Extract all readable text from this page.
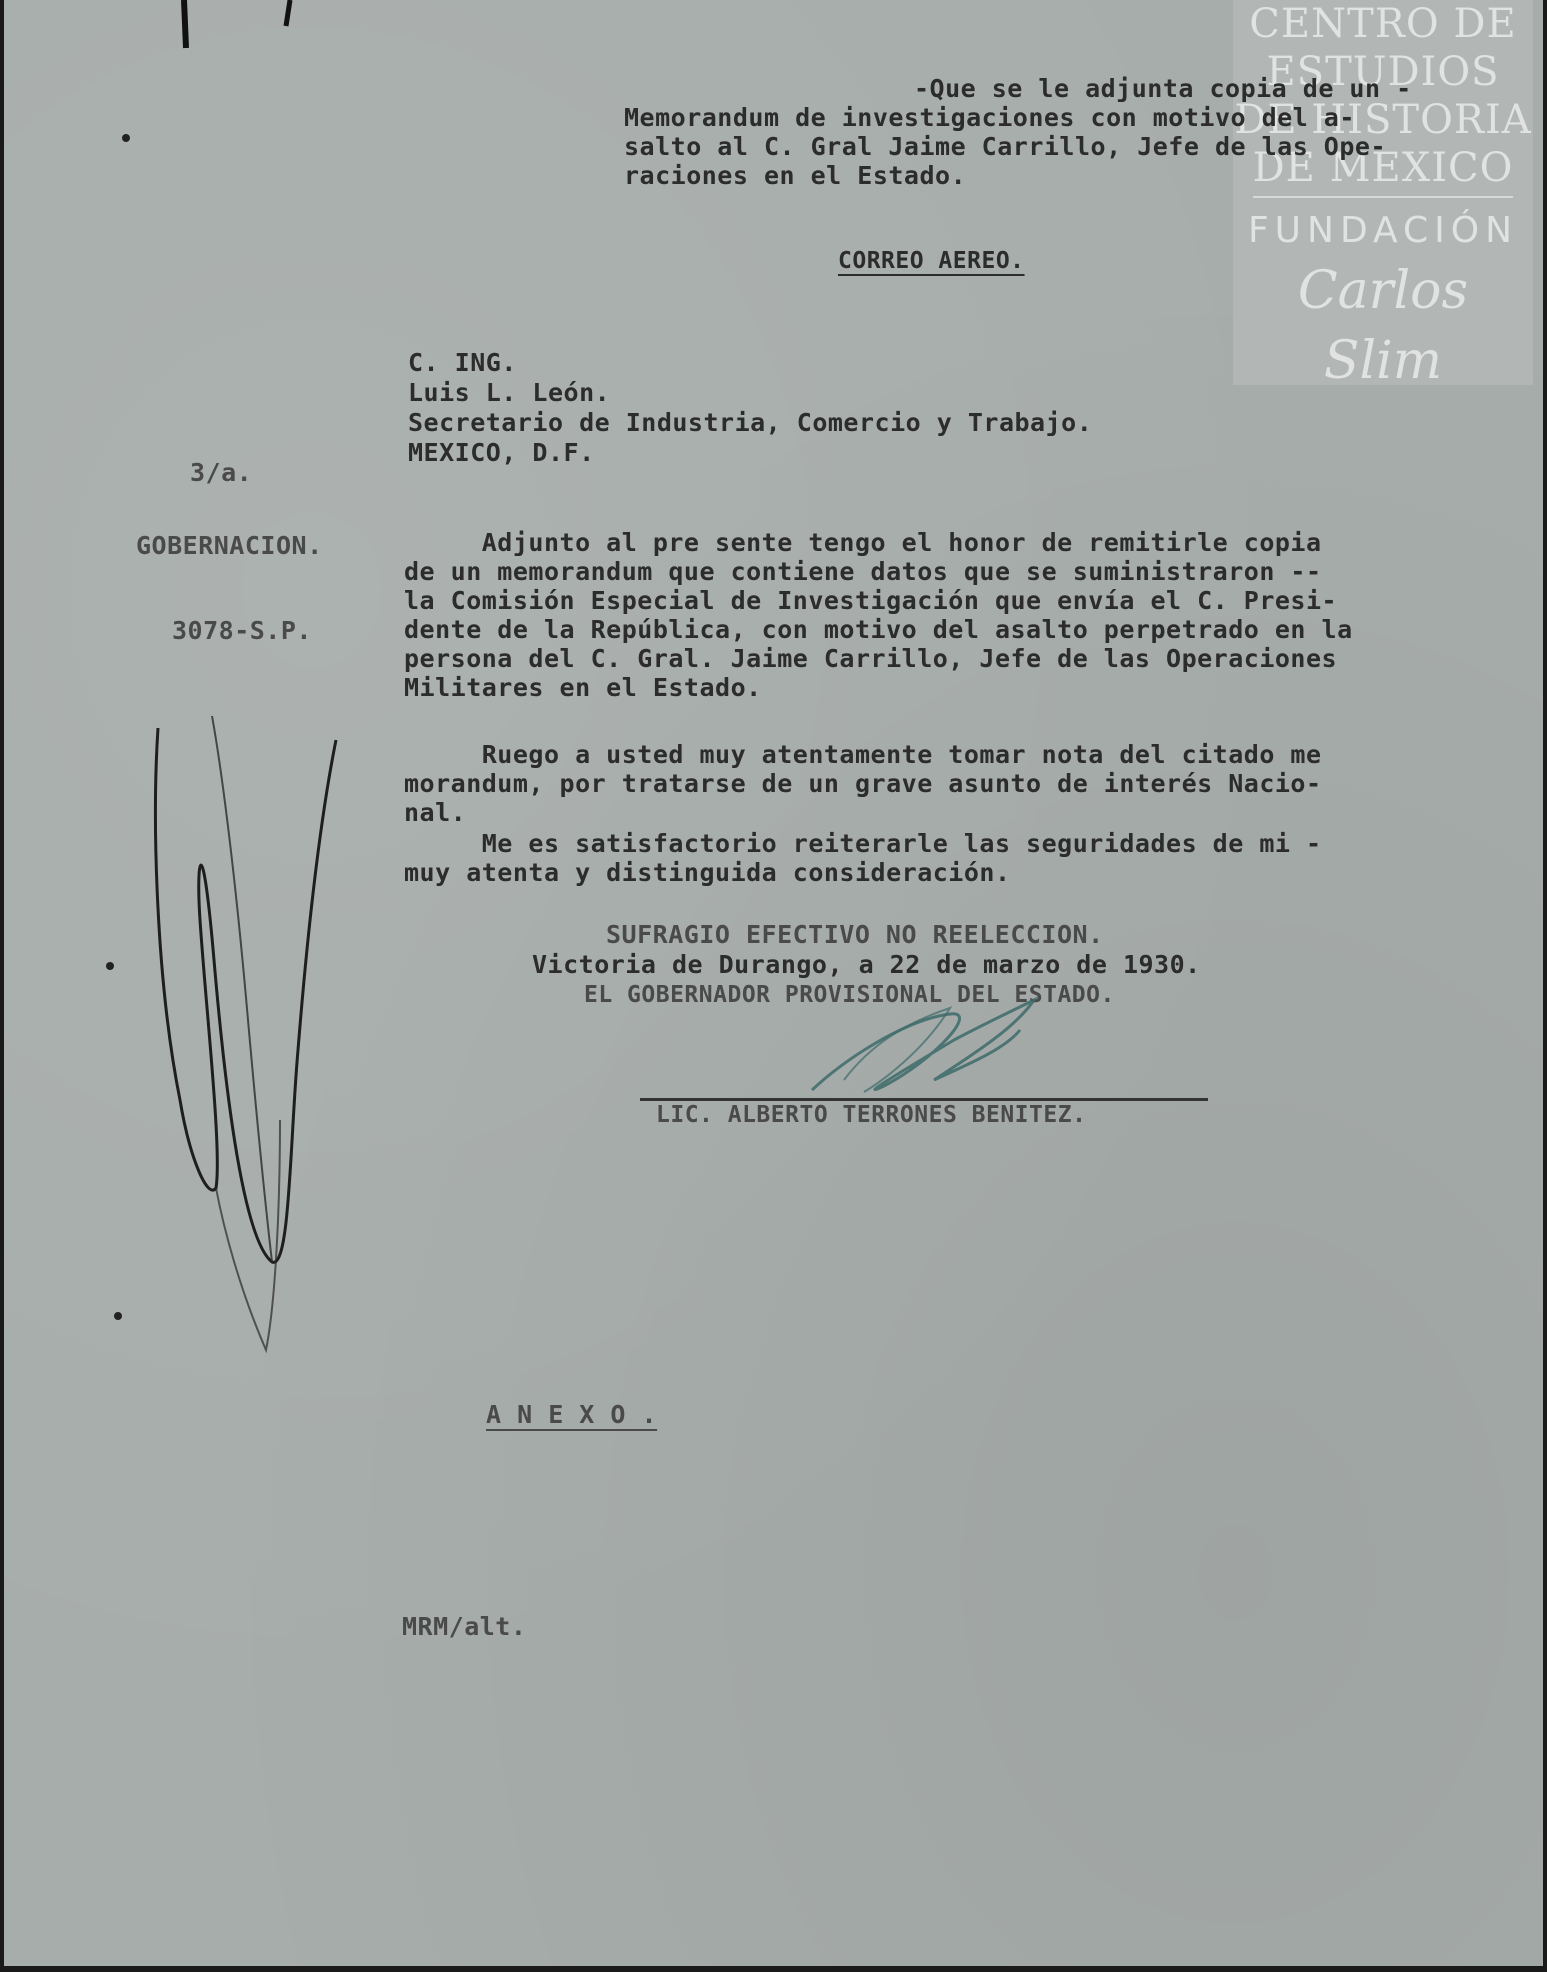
CENTRO DE
ESTUDIOS
DE HISTORIA
DE MEXICO
FUNDACIÓN
Carlos Slim
-Que se le adjunta copia de un -
Memorandum de investigaciones con motivo del a-
salto al C. Gral Jaime Carrillo, Jefe de las Ope-
raciones en el Estado.
CORREO AEREO.
C. ING.
Luis L. León.
Secretario de Industria, Comercio y Trabajo.
MEXICO, D.F.
3/a.
GOBERNACION.
3078-S.P.
Adjunto al pre sente tengo el honor de remitirle copia
de un memorandum que contiene datos que se suministraron --
la Comisión Especial de Investigación que envía el C. Presi-
dente de la República, con motivo del asalto perpetrado en la
persona del C. Gral. Jaime Carrillo, Jefe de las Operaciones
Militares en el Estado.
Ruego a usted muy atentamente tomar nota del citado me
morandum, por tratarse de un grave asunto de interés Nacio-
nal.
Me es satisfactorio reiterarle las seguridades de mi -
muy atenta y distinguida consideración.
SUFRAGIO EFECTIVO NO REELECCION.
Victoria de Durango, a 22 de marzo de 1930.
EL GOBERNADOR PROVISIONAL DEL ESTADO.
LIC. ALBERTO TERRONES BENITEZ.
A N E X O .
MRM/alt.
